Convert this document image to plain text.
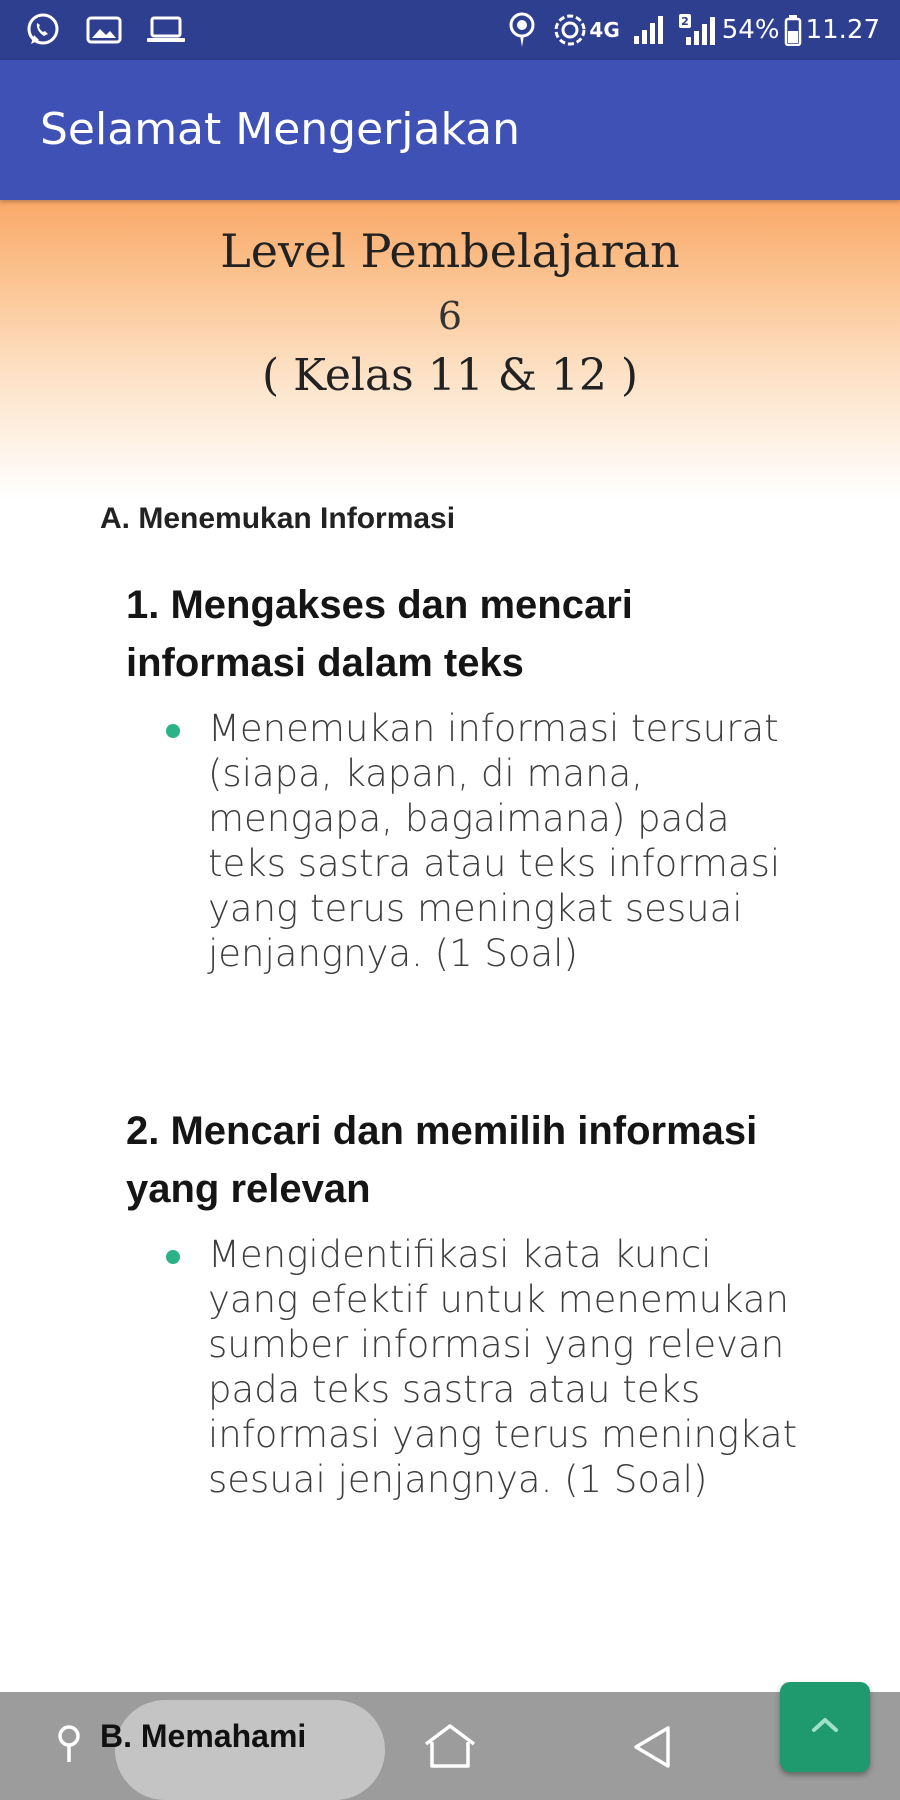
4G	2 54% 11.27
Selamat Mengerjakan
Level Pembelajaran
6
( Kelas 11 & 12 )
A. Menemukan Informasi
1. Mengakses dan mencari informasi dalam teks
Menemukan informasi tersurat (siapa, kapan, di mana, mengapa, bagaimana) pada teks sastra atau teks informasi yang terus meningkat sesuai jenjangnya. (1 Soal)
2. Mencari dan memilih informasi yang relevan
Mengidentifikasi kata kunci yang efektif untuk menemukan sumber informasi yang relevan pada teks sastra atau teks informasi yang terus meningkat sesuai jenjangnya. (1 Soal)
B. Memahami
